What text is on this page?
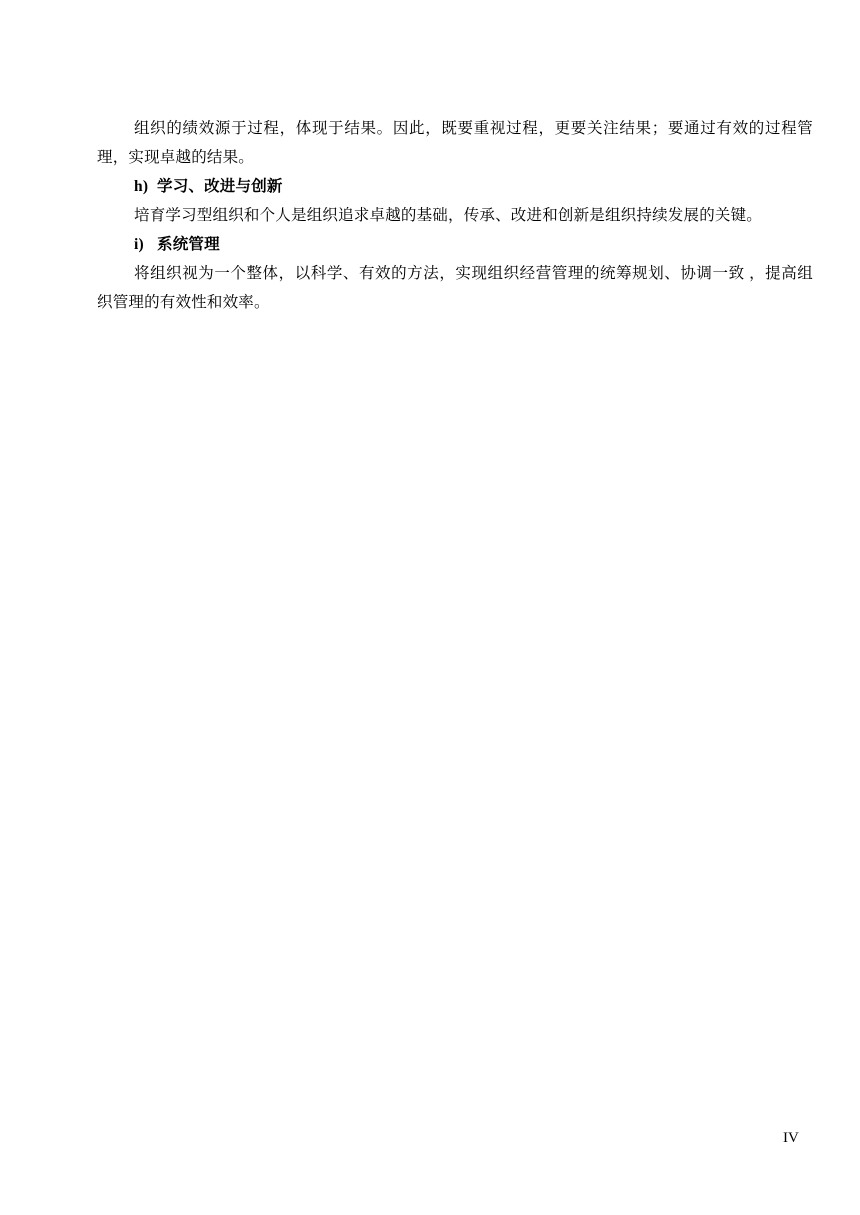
组织的绩效源于过程，体现于结果。因此，既要重视过程，更要关注结果；要通过有效的过程管理，实现卓越的结果。

h) 学习、改进与创新

培育学习型组织和个人是组织追求卓越的基础，传承、改进和创新是组织持续发展的关键。

i) 系统管理

将组织视为一个整体，以科学、有效的方法，实现组织经营管理的统筹规划、协调一致 ，提高组织管理的有效性和效率。

IV
